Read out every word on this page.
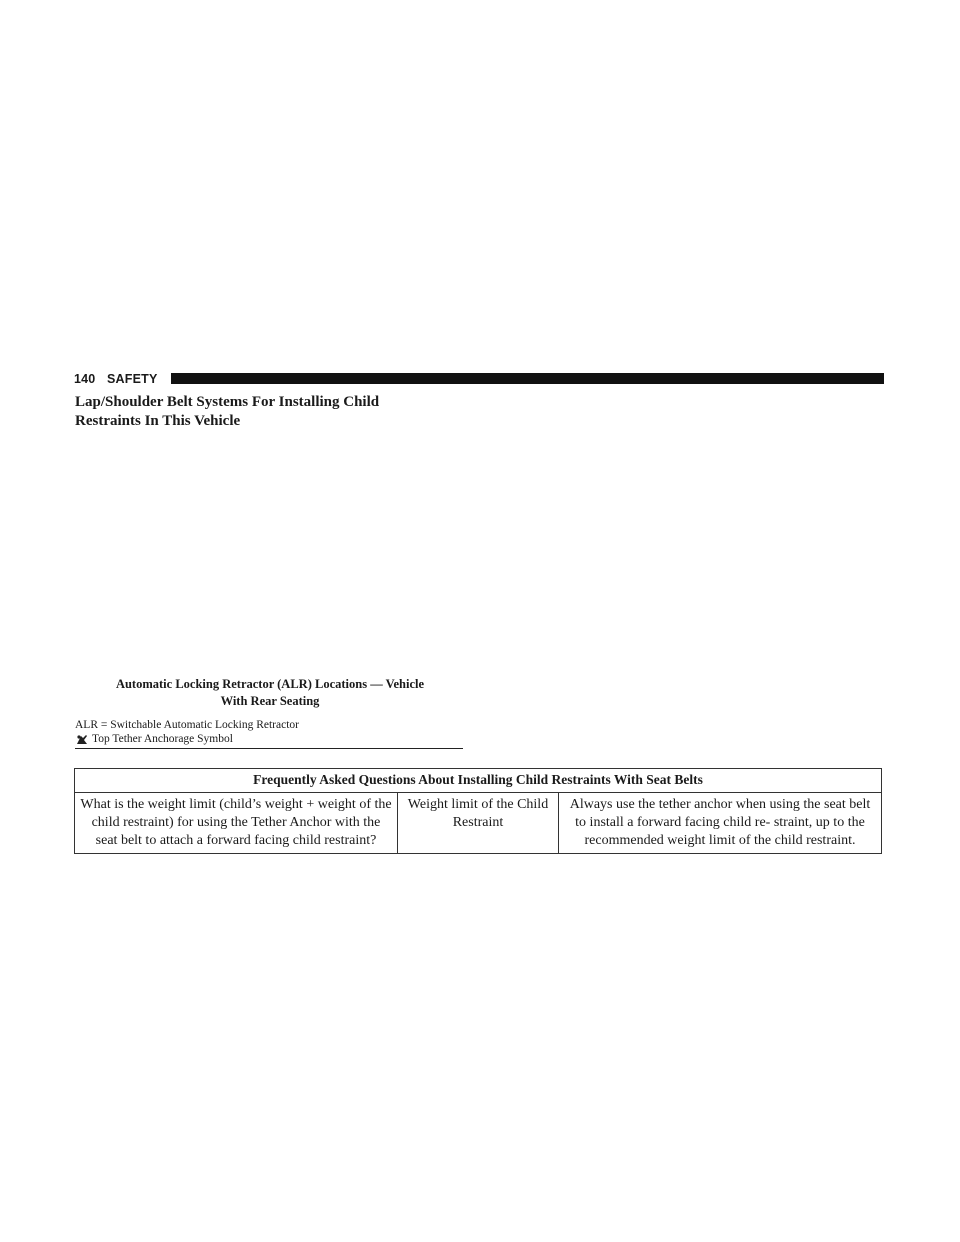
140 SAFETY
Lap/Shoulder Belt Systems For Installing Child
Restraints In This Vehicle

Automatic Locking Retractor (ALR) Locations — Vehicle
With Rear Seating

ALR = Switchable Automatic Locking Retractor
Top Tether Anchorage Symbol
Frequently Asked Questions About Installing Child Restraints With Seat Belts
What is the weight limit (child’s weight + weight of the child restraint) for using the Tether Anchor with the seat belt to attach a forward facing child restraint?	Weight limit of the Child Restraint	Always use the tether anchor when using the seat belt to install a forward facing child re- straint, up to the recommended weight limit of the child restraint.
